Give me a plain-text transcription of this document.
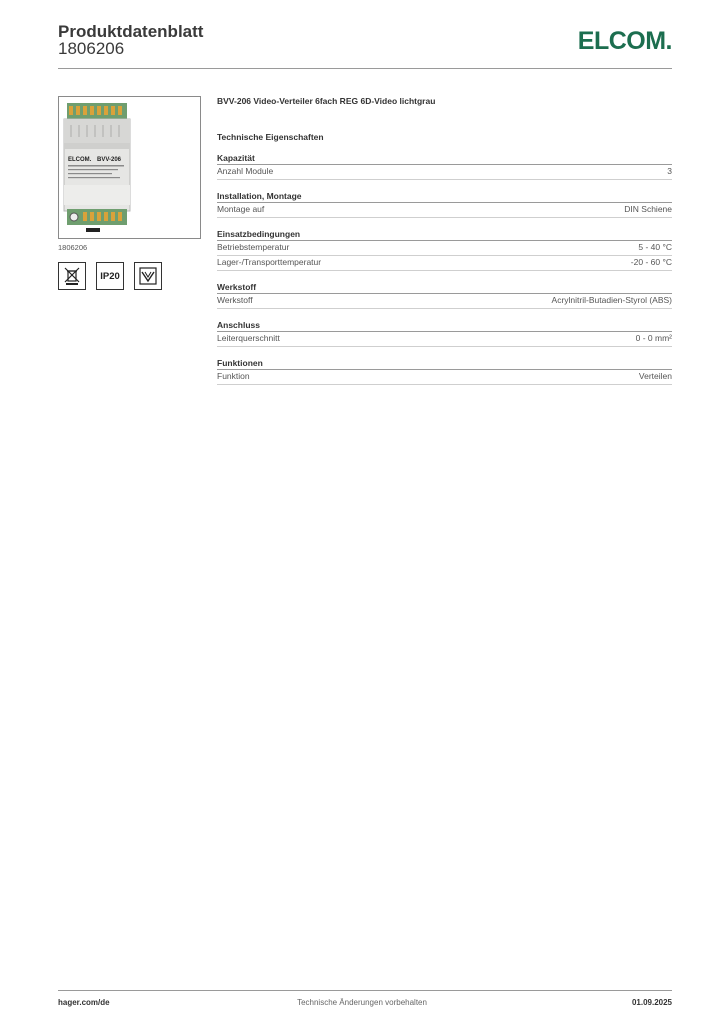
Produktdatenblatt
1806206	ELCOM.
ELCOM. BVV-206
1806206
IP20
BVV-206 Video-Verteiler 6fach REG 6D-Video lichtgrau
Technische Eigenschaften
Kapazität
Anzahl Module	3
Installation, Montage
Montage auf	DIN Schiene
Einsatzbedingungen
Betriebstemperatur	5 - 40 °C
Lager-/Transporttemperatur	-20 - 60 °C
Werkstoff
Werkstoff	Acrylnitril-Butadien-Styrol (ABS)
Anschluss
Leiterquerschnitt	0 - 0 mm²
Funktionen
Funktion	Verteilen
hager.com/de	Technische Änderungen vorbehalten	01.09.2025
